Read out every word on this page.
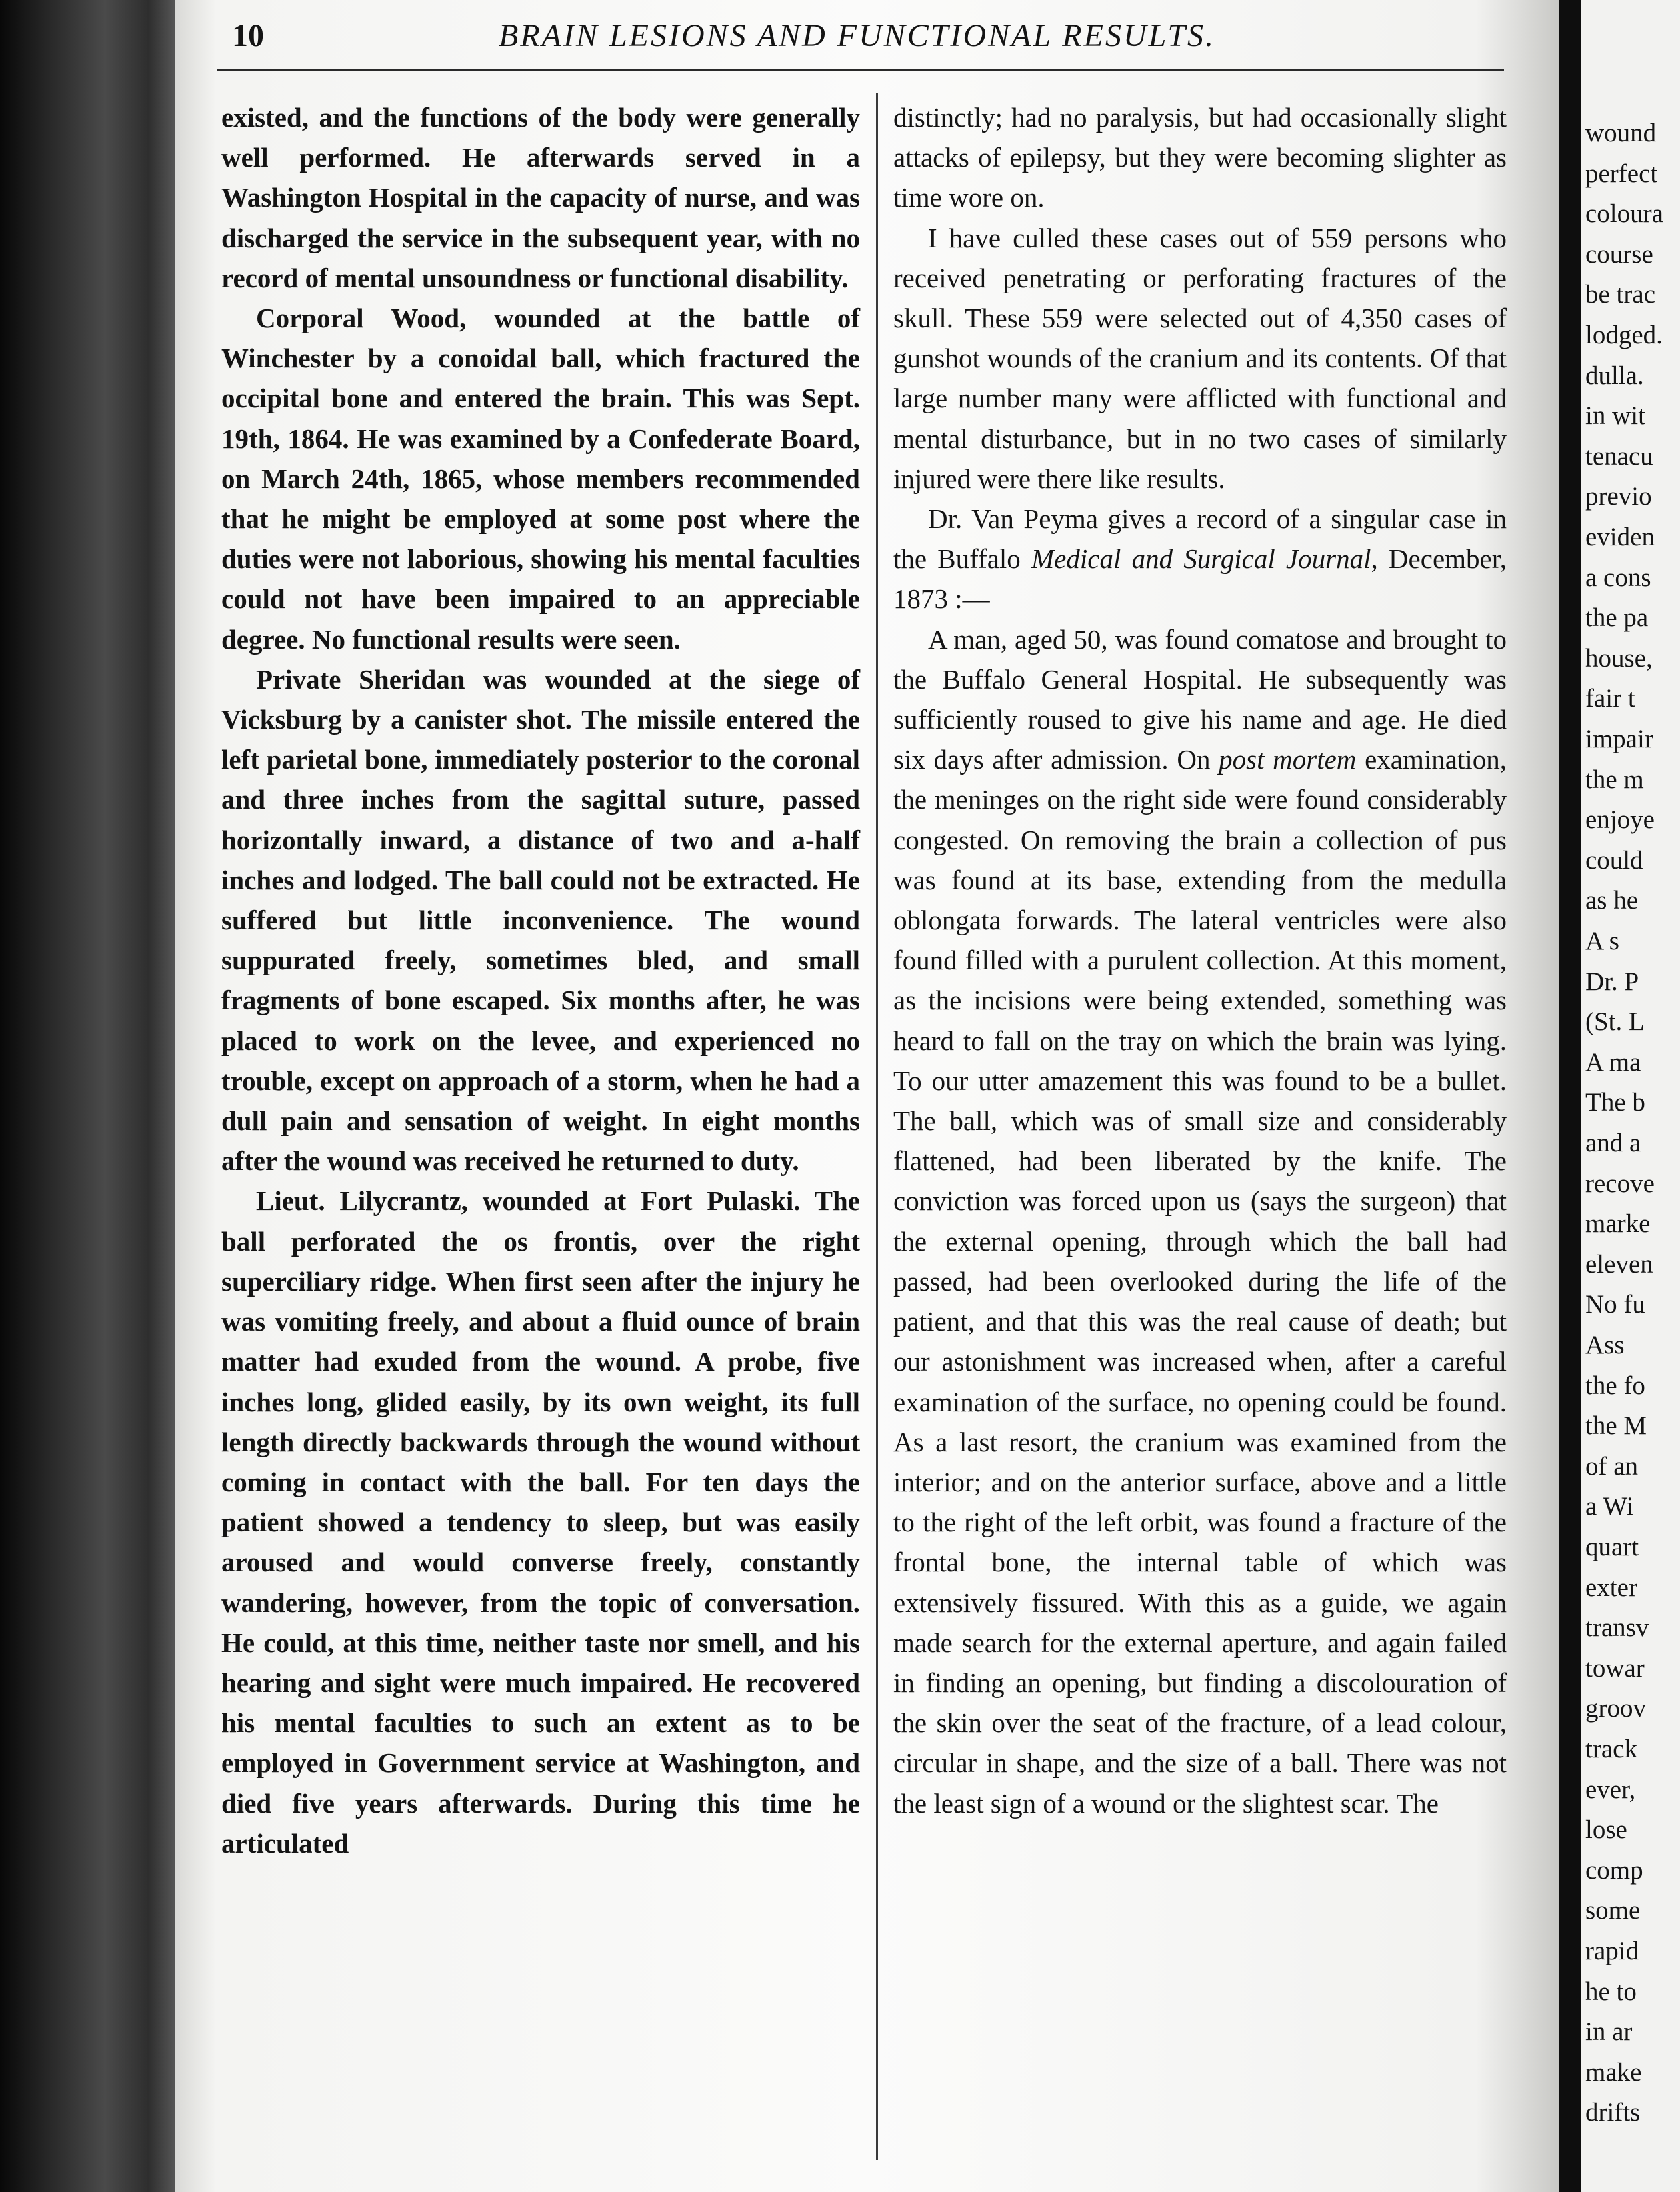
10	BRAIN LESIONS AND FUNCTIONAL RESULTS.

existed, and the functions of the body were generally well performed. He afterwards served in a Washington Hospital in the capacity of nurse, and was discharged the service in the subsequent year, with no record of mental unsoundness or functional disability.

Corporal Wood, wounded at the battle of Winchester by a conoidal ball, which fractured the occipital bone and entered the brain. This was Sept. 19th, 1864. He was examined by a Confederate Board, on March 24th, 1865, whose members recommended that he might be employed at some post where the duties were not laborious, showing his mental faculties could not have been impaired to an appreciable degree. No functional results were seen.

Private Sheridan was wounded at the siege of Vicksburg by a canister shot. The missile entered the left parietal bone, immediately posterior to the coronal and three inches from the sagittal suture, passed horizontally inward, a distance of two and a-half inches and lodged. The ball could not be extracted. He suffered but little inconvenience. The wound suppurated freely, sometimes bled, and small fragments of bone escaped. Six months after, he was placed to work on the levee, and experienced no trouble, except on approach of a storm, when he had a dull pain and sensation of weight. In eight months after the wound was received he returned to duty.

Lieut. Lilycrantz, wounded at Fort Pulaski. The ball perforated the os frontis, over the right superciliary ridge. When first seen after the injury he was vomiting freely, and about a fluid ounce of brain matter had exuded from the wound. A probe, five inches long, glided easily, by its own weight, its full length directly backwards through the wound without coming in contact with the ball. For ten days the patient showed a tendency to sleep, but was easily aroused and would converse freely, constantly wandering, however, from the topic of conversation. He could, at this time, neither taste nor smell, and his hearing and sight were much impaired. He recovered his mental faculties to such an extent as to be employed in Government service at Washington, and died five years afterwards. During this time he articulated

distinctly; had no paralysis, but had occasionally slight attacks of epilepsy, but they were becoming slighter as time wore on.

I have culled these cases out of 559 persons who received penetrating or perforating fractures of the skull. These 559 were selected out of 4,350 cases of gunshot wounds of the cranium and its contents. Of that large number many were afflicted with functional and mental disturbance, but in no two cases of similarly injured were there like results.

Dr. Van Peyma gives a record of a singular case in the Buffalo Medical and Surgical Journal, December, 1873 :—

A man, aged 50, was found comatose and brought to the Buffalo General Hospital. He subsequently was sufficiently roused to give his name and age. He died six days after admission. On post mortem examination, the meninges on the right side were found considerably congested. On removing the brain a collection of pus was found at its base, extending from the medulla oblongata forwards. The lateral ventricles were also found filled with a purulent collection. At this moment, as the incisions were being extended, something was heard to fall on the tray on which the brain was lying. To our utter amazement this was found to be a bullet. The ball, which was of small size and considerably flattened, had been liberated by the knife. The conviction was forced upon us (says the surgeon) that the external opening, through which the ball had passed, had been overlooked during the life of the patient, and that this was the real cause of death; but our astonishment was increased when, after a careful examination of the surface, no opening could be found. As a last resort, the cranium was examined from the interior; and on the anterior surface, above and a little to the right of the left orbit, was found a fracture of the frontal bone, the internal table of which was extensively fissured. With this as a guide, we again made search for the external aperture, and again failed in finding an opening, but finding a discolouration of the skin over the seat of the fracture, of a lead colour, circular in shape, and the size of a ball. There was not the least sign of a wound or the slightest scar. The

wound
perfect
coloura
course
be trac
lodged.
dulla.
in wit
tenacu
previo
eviden
a cons
the pa
house,
fair t
impair
the m
enjoye
could
as he
A s
Dr. P
(St. L
A ma
The b
and a
recove
marke
eleven
No fu
Ass
the fo
the M
of an
a Wi
quart
exter
transv
towar
groov
track
ever,
lose
comp
some
rapid
he to
in ar
make
drifts
